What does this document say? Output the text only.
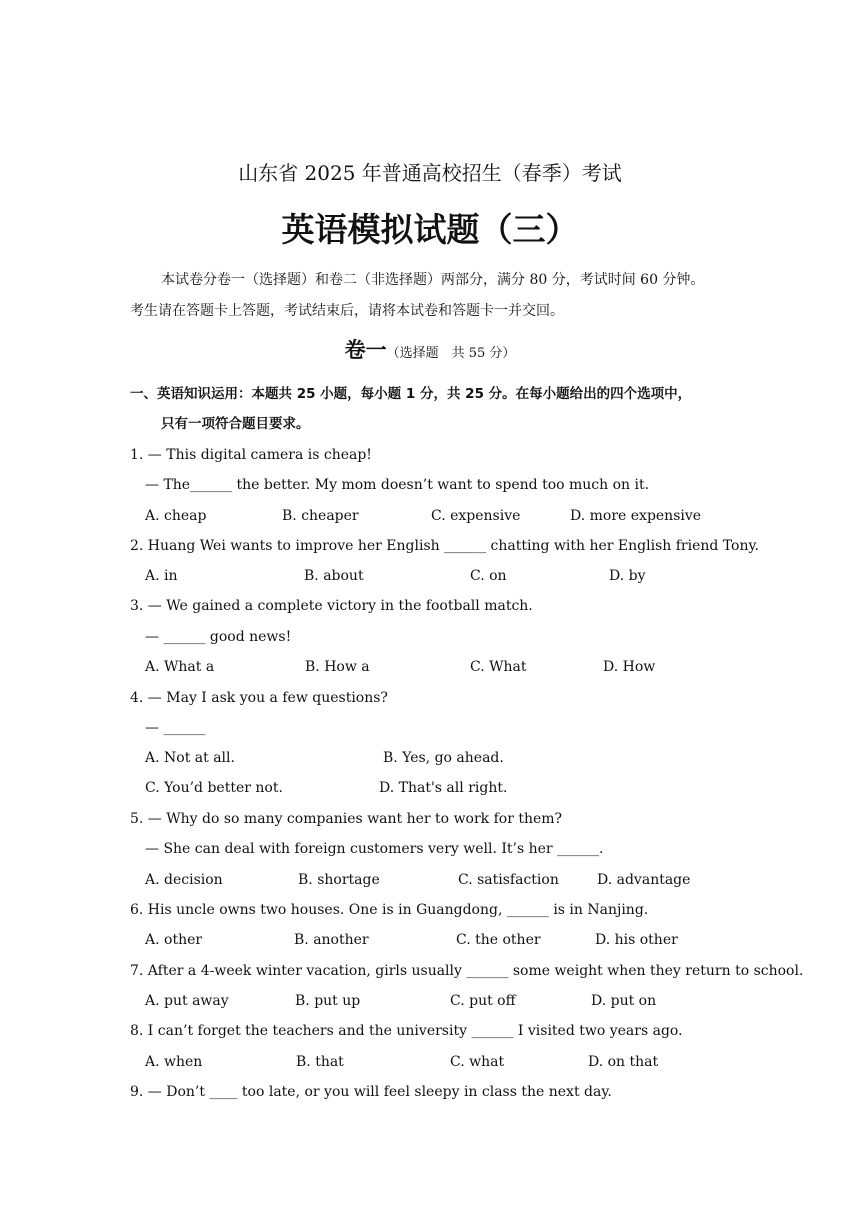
山东省 2025 年普通高校招生（春季）考试
英语模拟试题（三）
本试卷分卷一（选择题）和卷二（非选择题）两部分，满分 80 分，考试时间 60 分钟。
考生请在答题卡上答题，考试结束后，请将本试卷和答题卡一并交回。
卷一（选择题　共 55 分）
一、英语知识运用：本题共 25 小题，每小题 1 分，共 25 分。在每小题给出的四个选项中，
只有一项符合题目要求。
1. — This digital camera is cheap!
— The______ the better. My mom doesn’t want to spend too much on it.
A. cheap	B. cheaper	C. expensive	D. more expensive
2. Huang Wei wants to improve her English ______ chatting with her English friend Tony.
A. in	B. about	C. on	D. by
3. — We gained a complete victory in the football match.
— ______ good news!
A. What a	B. How a	C. What	D. How
4. — May I ask you a few questions?
— ______
A. Not at all.	B. Yes, go ahead.
C. You’d better not.	D. That's all right.
5. — Why do so many companies want her to work for them?
— She can deal with foreign customers very well. It’s her ______.
A. decision	B. shortage	C. satisfaction	D. advantage
6. His uncle owns two houses. One is in Guangdong, ______ is in Nanjing.
A. other	B. another	C. the other	D. his other
7. After a 4-week winter vacation, girls usually ______ some weight when they return to school.
A. put away	B. put up	C. put off	D. put on
8. I can’t forget the teachers and the university ______ I visited two years ago.
A. when	B. that	C. what	D. on that
9. — Don’t ____ too late, or you will feel sleepy in class the next day.
